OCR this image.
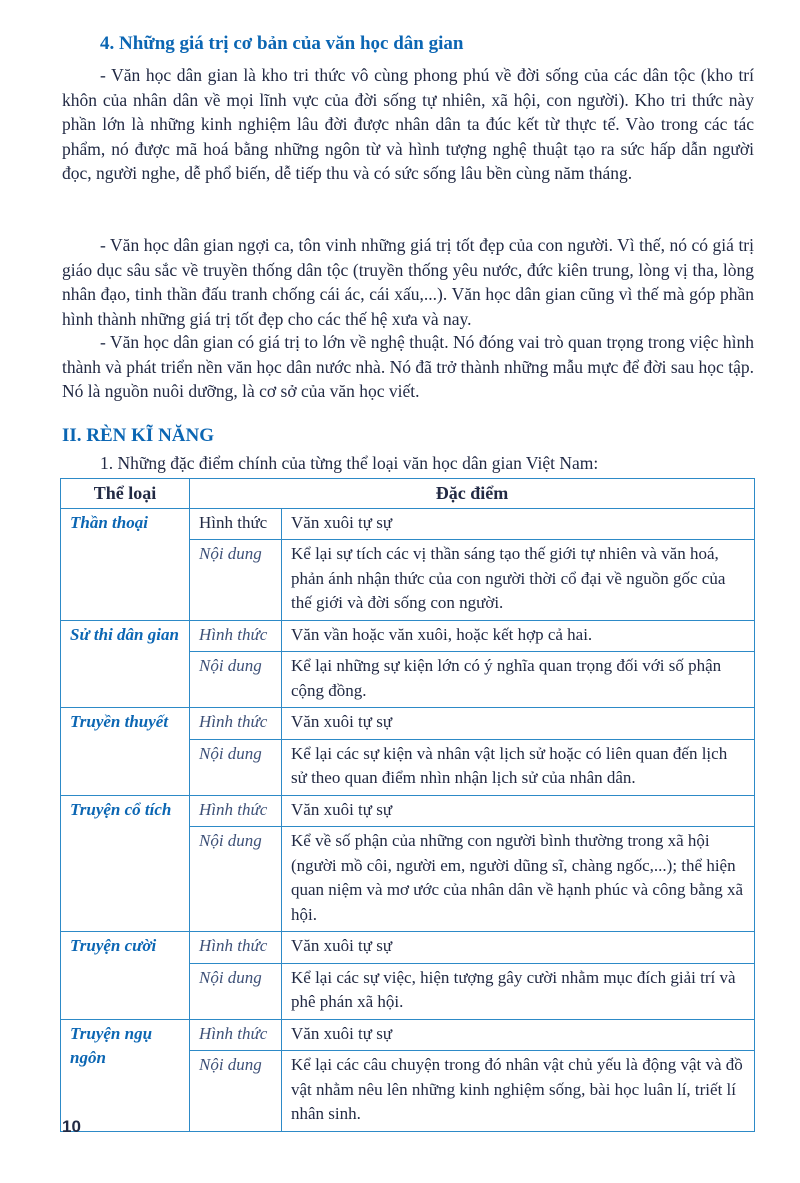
4. Những giá trị cơ bản của văn học dân gian

- Văn học dân gian là kho tri thức vô cùng phong phú về đời sống của các dân tộc (kho trí khôn của nhân dân về mọi lĩnh vực của đời sống tự nhiên, xã hội, con người). Kho tri thức này phần lớn là những kinh nghiệm lâu đời được nhân dân ta đúc kết từ thực tế. Vào trong các tác phẩm, nó được mã hoá bằng những ngôn từ và hình tượng nghệ thuật tạo ra sức hấp dẫn người đọc, người nghe, dễ phổ biến, dễ tiếp thu và có sức sống lâu bền cùng năm tháng.

- Văn học dân gian ngợi ca, tôn vinh những giá trị tốt đẹp của con người. Vì thế, nó có giá trị giáo dục sâu sắc về truyền thống dân tộc (truyền thống yêu nước, đức kiên trung, lòng vị tha, lòng nhân đạo, tinh thần đấu tranh chống cái ác, cái xấu,...). Văn học dân gian cũng vì thế mà góp phần hình thành những giá trị tốt đẹp cho các thế hệ xưa và nay.

- Văn học dân gian có giá trị to lớn về nghệ thuật. Nó đóng vai trò quan trọng trong việc hình thành và phát triển nền văn học dân nước nhà. Nó đã trở thành những mẫu mực để đời sau học tập. Nó là nguồn nuôi dưỡng, là cơ sở của văn học viết.

II. RÈN KĨ NĂNG

1. Những đặc điểm chính của từng thể loại văn học dân gian Việt Nam:

Thể loại	Đặc điểm	
Thần thoại	Hình thức	Văn xuôi tự sự
	Nội dung	Kể lại sự tích các vị thần sáng tạo thế giới tự nhiên và văn hoá, phản ánh nhận thức của con người thời cổ đại về nguồn gốc của thế giới và đời sống con người.
Sử thi dân gian	Hình thức	Văn vần hoặc văn xuôi, hoặc kết hợp cả hai.
	Nội dung	Kể lại những sự kiện lớn có ý nghĩa quan trọng đối với số phận cộng đồng.
Truyền thuyết	Hình thức	Văn xuôi tự sự
	Nội dung	Kể lại các sự kiện và nhân vật lịch sử hoặc có liên quan đến lịch sử theo quan điểm nhìn nhận lịch sử của nhân dân.
Truyện cổ tích	Hình thức	Văn xuôi tự sự
	Nội dung	Kể về số phận của những con người bình thường trong xã hội (người mồ côi, người em, người dũng sĩ, chàng ngốc,...); thể hiện quan niệm và mơ ước của nhân dân về hạnh phúc và công bằng xã hội.
Truyện cười	Hình thức	Văn xuôi tự sự
	Nội dung	Kể lại các sự việc, hiện tượng gây cười nhằm mục đích giải trí và phê phán xã hội.
Truyện ngụ ngôn	Hình thức	Văn xuôi tự sự
	Nội dung	Kể lại các câu chuyện trong đó nhân vật chủ yếu là động vật và đồ vật nhằm nêu lên những kinh nghiệm sống, bài học luân lí, triết lí nhân sinh.

10
